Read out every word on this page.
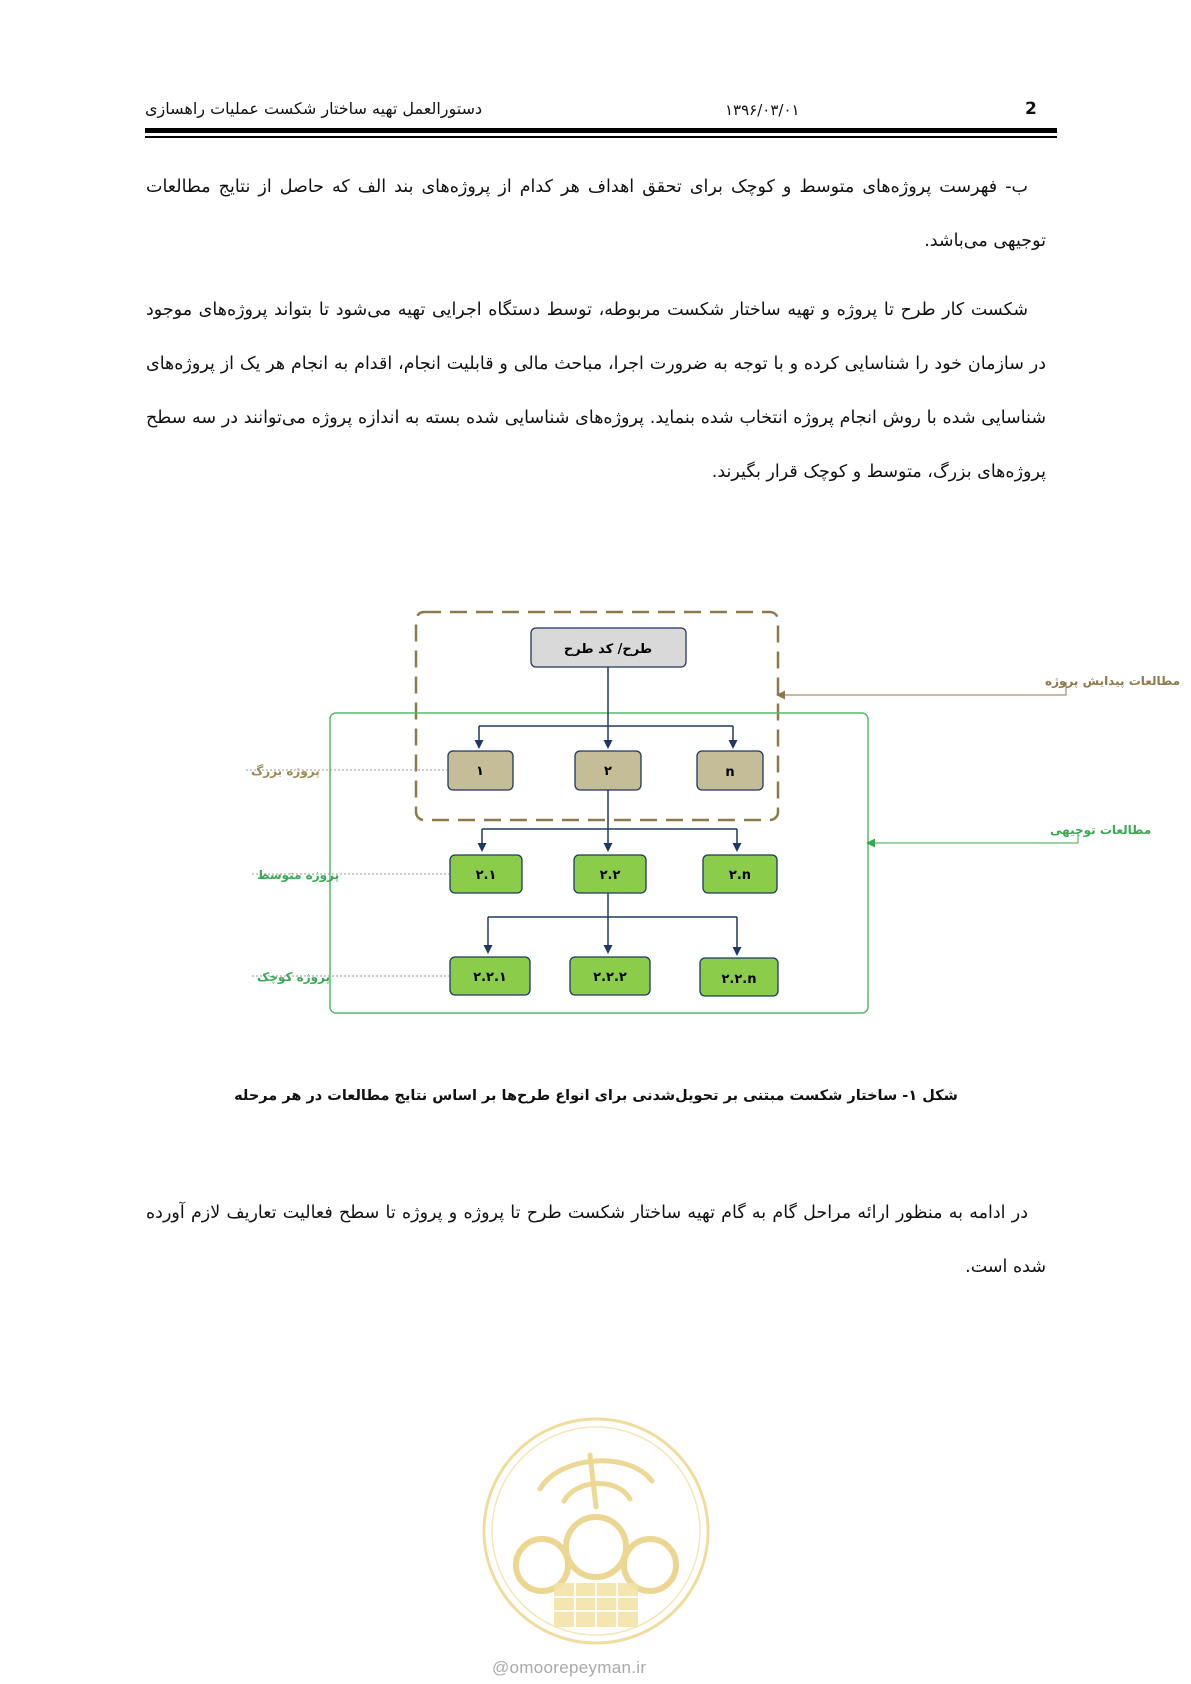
دستورالعمل تهیه ساختار شکست عملیات راهسازی	۱۳۹۶/۰۳/۰۱	2

ب- فهرست پروژه‌های متوسط و کوچک برای تحقق اهداف هر کدام از پروژه‌های بند الف که حاصل از نتایج مطالعات توجیهی می‌باشد.

شکست کار طرح تا پروژه و تهیه ساختار شکست مربوطه، توسط دستگاه اجرایی تهیه می‌شود تا بتواند پروژه‌های موجود در سازمان خود را شناسایی کرده و با توجه به ضرورت اجرا، مباحث مالی و قابلیت انجام، اقدام به انجام هر یک از پروژه‌های شناسایی شده با روش انجام پروژه انتخاب شده بنماید. پروژه‌های شناسایی شده بسته به اندازه پروژه می‌توانند در سه سطح پروژه‌های بزرگ، متوسط و کوچک قرار بگیرند.

طرح/ کد طرح
۱	۲	n
۲.۱	۲.۲	۲.n
۲.۲.۱	۲.۲.۲	۲.۲.n
مطالعات پیدایش پروژه
مطالعات توجیهی
پروژه بزرگ
پروژه متوسط
پروژه کوچک

شکل ۱- ساختار شکست مبتنی بر تحویل‌شدنی برای انواع طرح‌ها بر اساس نتایج مطالعات در هر مرحله

در ادامه به منظور ارائه مراحل گام به گام تهیه ساختار شکست طرح تا پروژه و پروژه تا سطح فعالیت تعاریف لازم آورده شده است.

@omoorepeyman.ir
